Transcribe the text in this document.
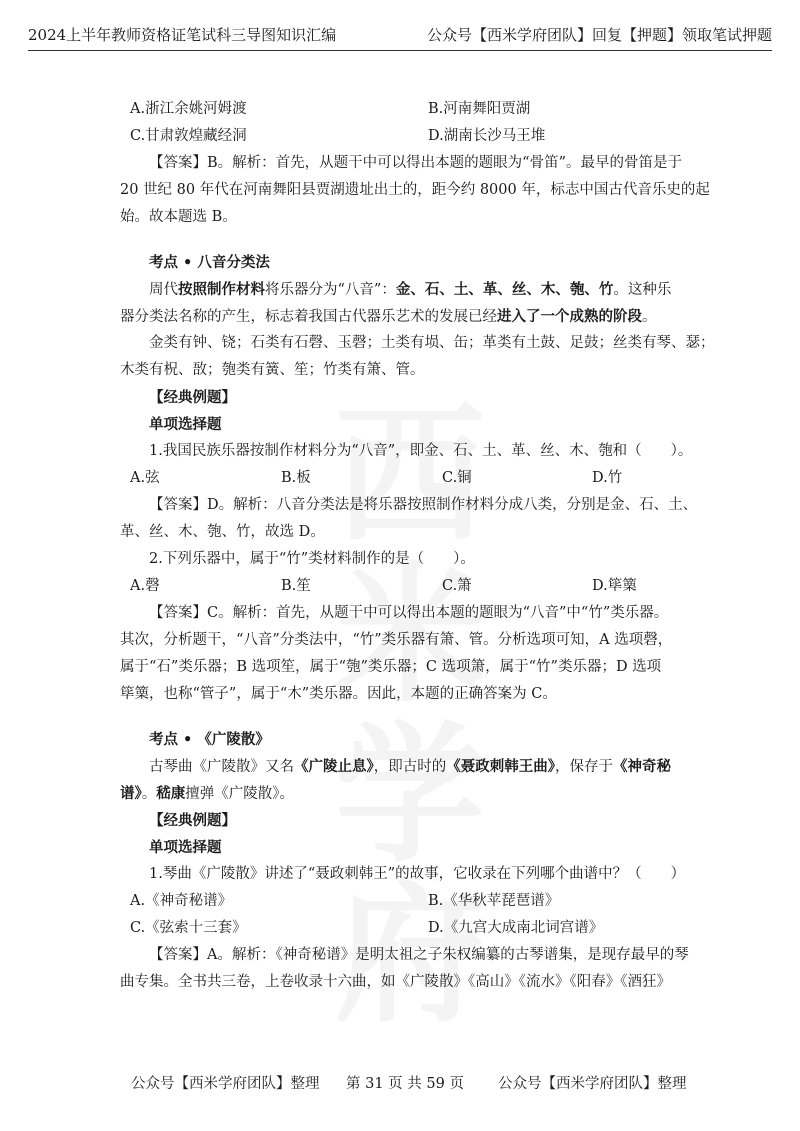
2024上半年教师资格证笔试科三导图知识汇编	公众号【西米学府团队】回复【押题】领取笔试押题
A.浙江余姚河姆渡	B.河南舞阳贾湖
C.甘肃敦煌藏经洞	D.湖南长沙马王堆
【答案】B。解析：首先，从题干中可以得出本题的题眼为“骨笛”。最早的骨笛是于
20 世纪 80 年代在河南舞阳县贾湖遗址出土的，距今约 8000 年，标志中国古代音乐史的起
始。故本题选 B。
考点 • 八音分类法
周代按照制作材料将乐器分为“八音”：金、石、土、革、丝、木、匏、竹。这种乐
器分类法名称的产生，标志着我国古代器乐艺术的发展已经进入了一个成熟的阶段。
金类有钟、铙；石类有石磬、玉磬；土类有埙、缶；革类有土鼓、足鼓；丝类有琴、瑟；
木类有柷、敔；匏类有簧、笙；竹类有箫、管。
【经典例题】
单项选择题
1.我国民族乐器按制作材料分为“八音”，即金、石、土、革、丝、木、匏和（　　）。
A.弦	B.板	C.铜	D.竹
【答案】D。解析：八音分类法是将乐器按照制作材料分成八类，分别是金、石、土、
革、丝、木、匏、竹，故选 D。
2.下列乐器中，属于“竹”类材料制作的是（　　）。
A.磬	B.笙	C.箫	D.筚篥
【答案】C。解析：首先，从题干中可以得出本题的题眼为“八音”中“竹”类乐器。
其次，分析题干，“八音”分类法中，“竹”类乐器有箫、管。分析选项可知，A 选项磬，
属于“石”类乐器；B 选项笙，属于“匏”类乐器；C 选项箫，属于“竹”类乐器；D 选项
筚篥，也称“管子”，属于“木”类乐器。因此，本题的正确答案为 C。
考点 • 《广陵散》
古琴曲《广陵散》又名《广陵止息》，即古时的《聂政刺韩王曲》，保存于《神奇秘
谱》。嵇康擅弹《广陵散》。
【经典例题】
单项选择题
1.琴曲《广陵散》讲述了“聂政刺韩王”的故事，它收录在下列哪个曲谱中？（　　）
A.《神奇秘谱》	B.《华秋苹琵琶谱》
C.《弦索十三套》	D.《九宫大成南北词宫谱》
【答案】A。解析：《神奇秘谱》是明太祖之子朱权编纂的古琴谱集，是现存最早的琴
曲专集。全书共三卷，上卷收录十六曲，如《广陵散》《高山》《流水》《阳春》《酒狂》
公众号【西米学府团队】整理 第 31 页 共 59 页 公众号【西米学府团队】整理
